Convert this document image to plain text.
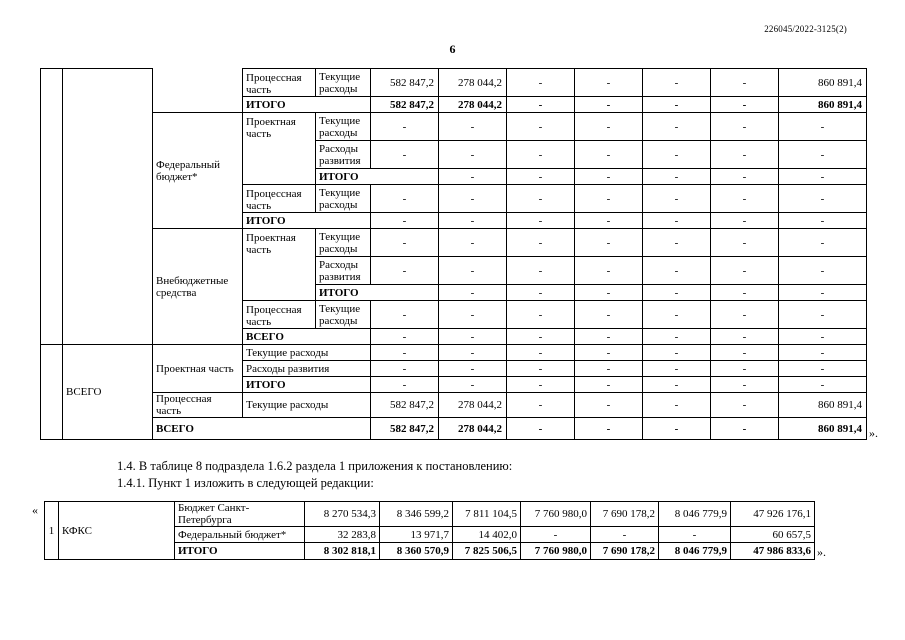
226045/2022-3125(2)
6
			Процессная часть	Текущие расходы	582 847,2	278 044,2	-	-	-	-	860 891,4	
			ИТОГО		582 847,2	278 044,2	-	-	-	-	860 891,4	
		Федеральный бюджет*	Проектная часть	Текущие расходы	-	-	-	-	-	-	-	
				Расходы развития	-	-	-	-	-	-	-	
				ИТОГО		-	-	-	-	-	-	
			Процессная часть	Текущие расходы	-	-	-	-	-	-	-	
			ИТОГО		-	-	-	-	-	-	-	
		Внебюджетные средства	Проектная часть	Текущие расходы	-	-	-	-	-	-	-	
				Расходы развития	-	-	-	-	-	-	-	
				ИТОГО		-	-	-	-	-	-	
			Процессная часть	Текущие расходы	-	-	-	-	-	-	-	
			ВСЕГО		-	-	-	-	-	-	-	
	ВСЕГО	Проектная часть	Текущие расходы		-	-	-	-	-	-	-	
			Расходы развития		-	-	-	-	-	-	-	
			ИТОГО		-	-	-	-	-	-	-	
		Процессная часть	Текущие расходы		582 847,2	278 044,2	-	-	-	-	860 891,4	
		ВСЕГО			582 847,2	278 044,2	-	-	-	-	860 891,4	».
1.4. В таблице 8 подраздела 1.6.2 раздела 1 приложения к постановлению:
1.4.1. Пункт 1 изложить в следующей редакции:
«
1	КФКС	Бюджет Санкт-Петербурга	8 270 534,3	8 346 599,2	7 811 104,5	7 760 980,0	7 690 178,2	8 046 779,9	47 926 176,1
		Федеральный бюджет*	32 283,8	13 971,7	14 402,0	-	-	-	60 657,5
		ИТОГО	8 302 818,1	8 360 570,9	7 825 506,5	7 760 980,0	7 690 178,2	8 046 779,9	47 986 833,6 ».
